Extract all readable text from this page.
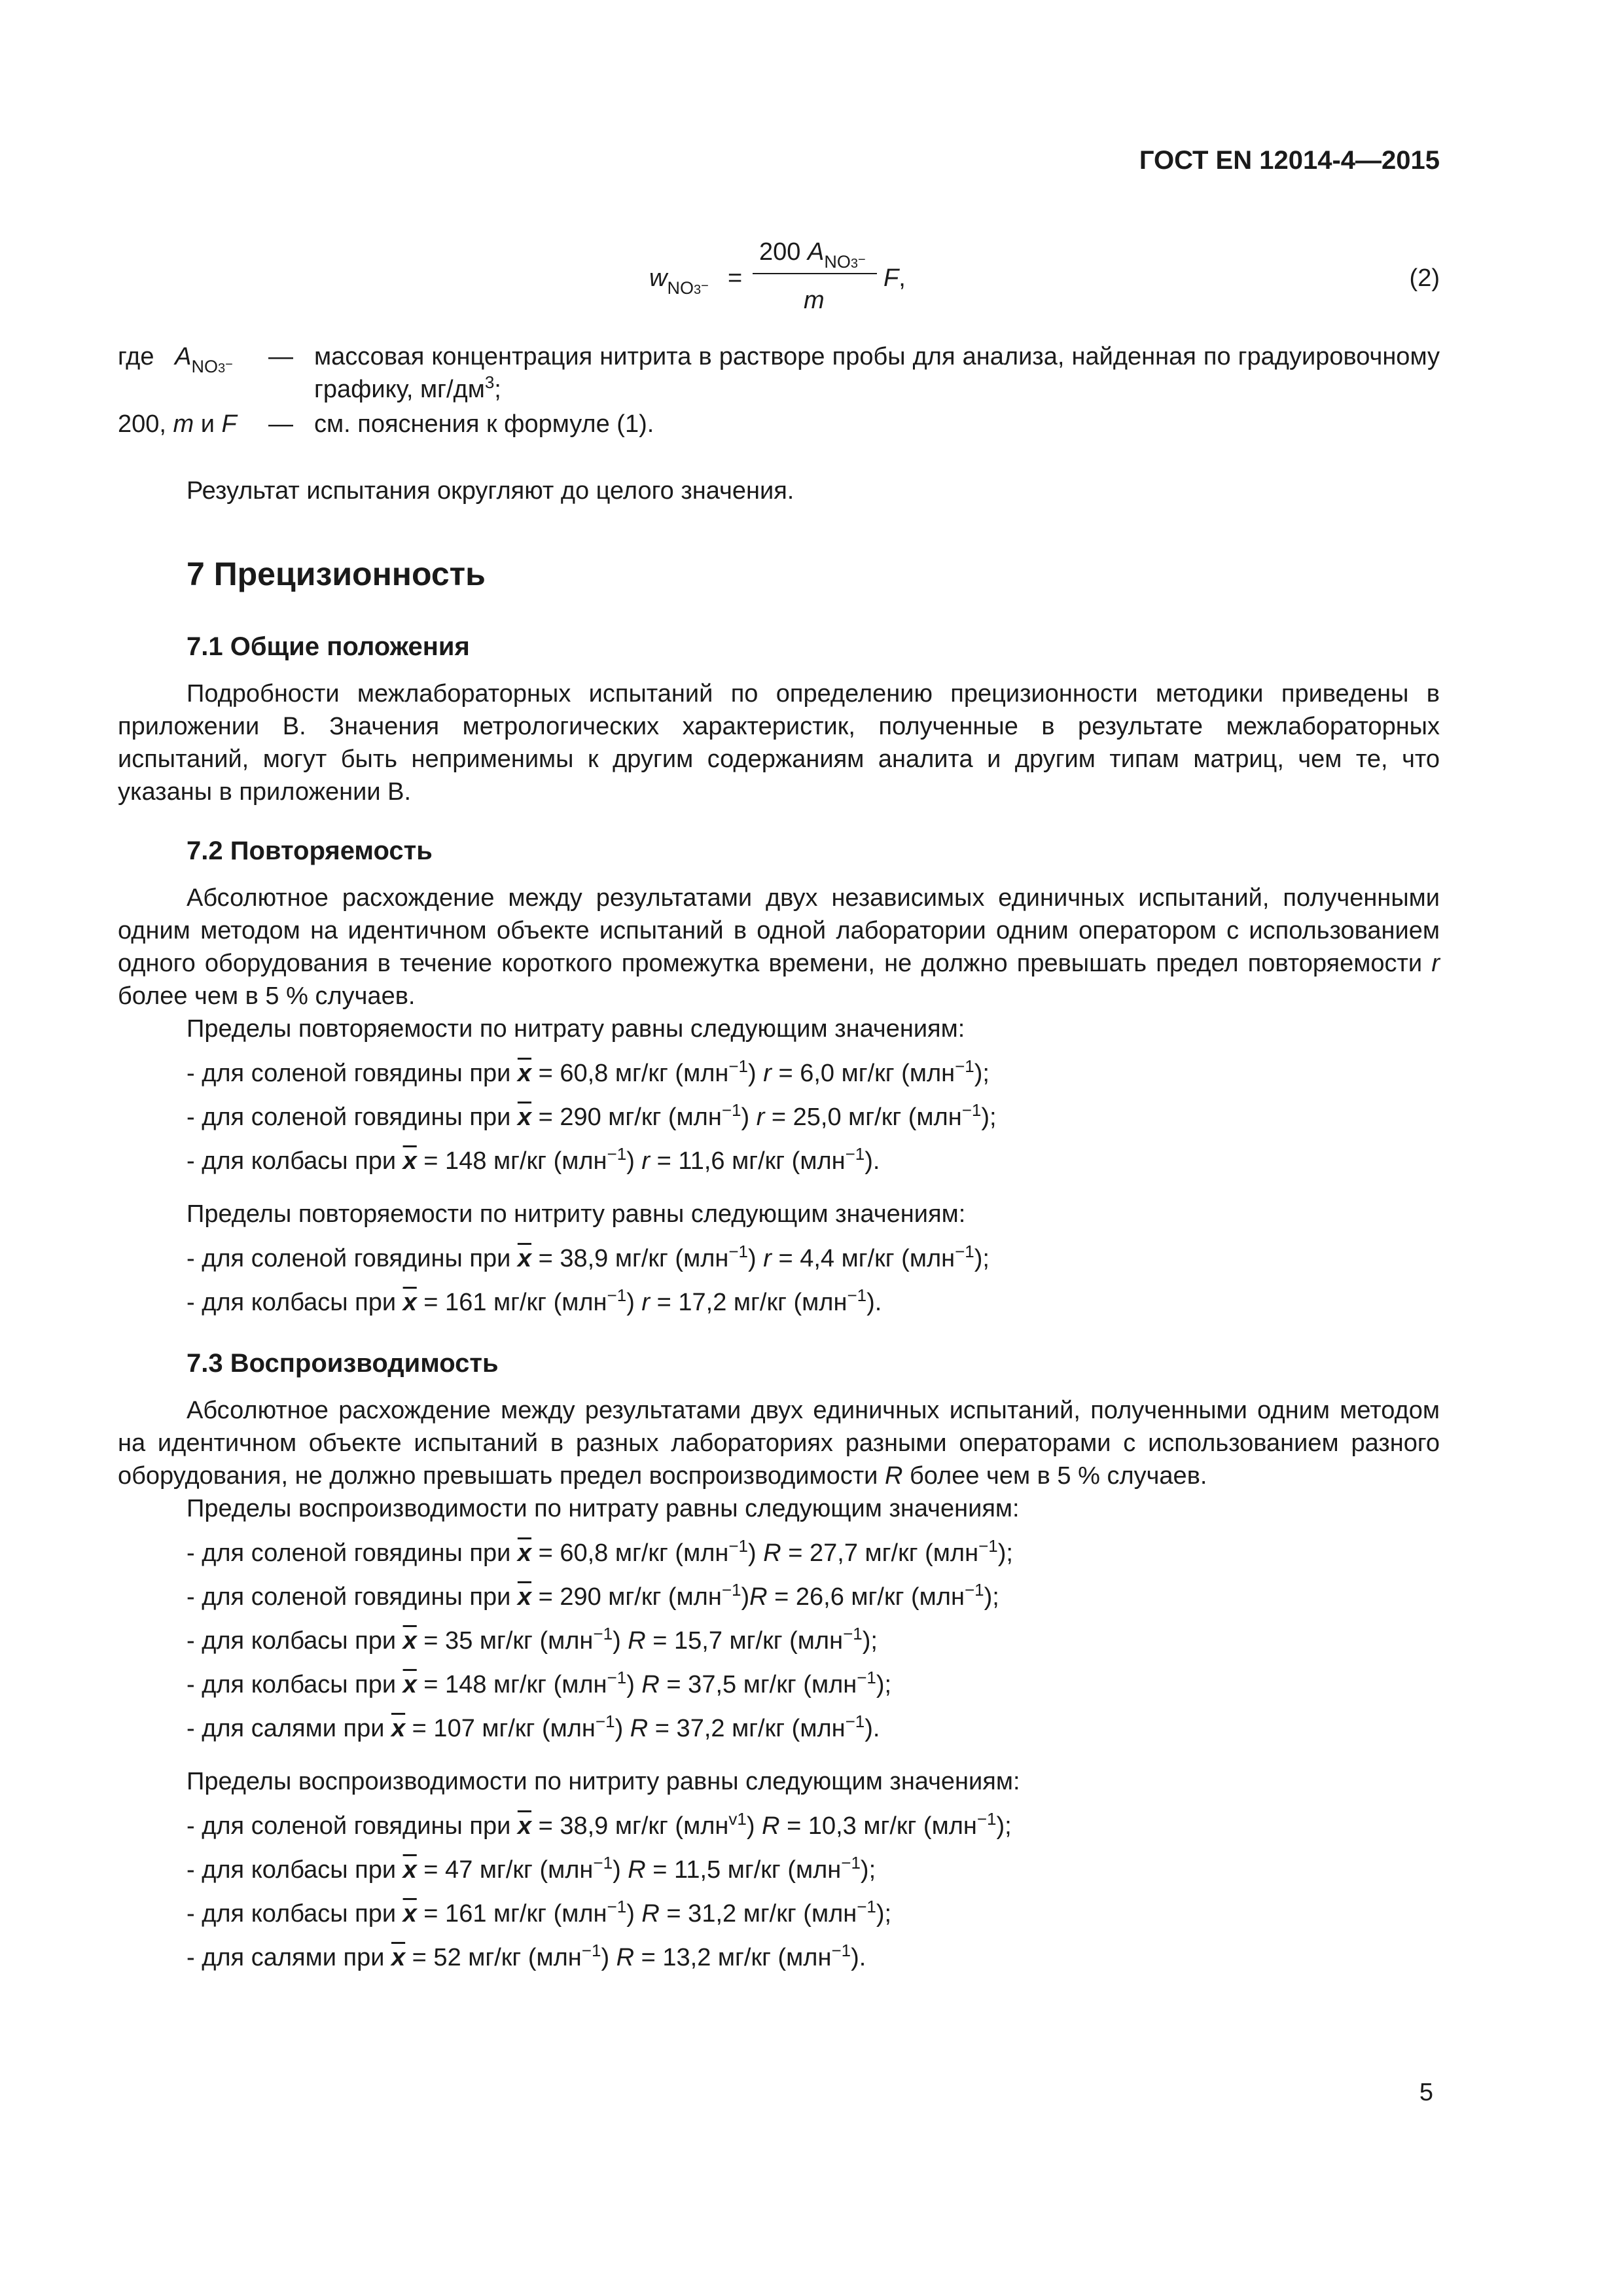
ГОСТ EN 12014-4—2015
$w_{NO3^-}$ =
200 $A_{NO3^-}$
m
F,	(2)
где $A_{NO3^-}$ — массовая концентрация нитрита в растворе пробы для анализа, найденная по градуировочному графику, $мг/дм^3$;
200, m и F — см. пояснения к формуле (1).

Результат испытания округляют до целого значения.

7 Прецизионность
7.1 Общие положения

Подробности межлабораторных испытаний по определению прецизионности методики приведены в приложении В. Значения метрологических характеристик, полученные в результате межлабораторных испытаний, могут быть неприменимы к другим содержаниям аналита и другим типам матриц, чем те, что указаны в приложении В.

7.2 Повторяемость

Абсолютное расхождение между результатами двух независимых единичных испытаний, полученными одним методом на идентичном объекте испытаний в одной лаборатории одним оператором с использованием одного оборудования в течение короткого промежутка времени, не должно превышать предел повторяемости r более чем в 5 % случаев.

Пределы повторяемости по нитрату равны следующим значениям:

- для соленой говядины при $\overline{x} = 60,8$ мг/кг (млн$^{-1}$) r = 6,0 мг/кг (млн$^{-1}$);
- для соленой говядины при $\overline{x} = 290$ мг/кг (млн$^{-1}$) r = 25,0 мг/кг (млн$^{-1}$);
- для колбасы при $\overline{x} = 148$ мг/кг (млн$^{-1}$) r = 11,6 мг/кг (млн$^{-1}$).

Пределы повторяемости по нитриту равны следующим значениям:

- для соленой говядины при $\overline{x} = 38,9$ мг/кг (млн$^{-1}$) r = 4,4 мг/кг (млн$^{-1}$);
- для колбасы при $\overline{x} = 161$ мг/кг (млн$^{-1}$) r = 17,2 мг/кг (млн$^{-1}$).
7.3 Воспроизводимость

Абсолютное расхождение между результатами двух единичных испытаний, полученными одним методом на идентичном объекте испытаний в разных лабораториях разными операторами с использованием разного оборудования, не должно превышать предел воспроизводимости R более чем в 5 % случаев.

Пределы воспроизводимости по нитрату равны следующим значениям:

- для соленой говядины при $\overline{x} = 60,8$ мг/кг (млн$^{-1}$) R = 27,7 мг/кг (млн$^{-1}$);
- для соленой говядины при $\overline{x} = 290$ мг/кг (млн$^{-1}$)R = 26,6 мг/кг (млн$^{-1}$);
- для колбасы при $\overline{x} = 35$ мг/кг (млн$^{-1}$) R = 15,7 мг/кг (млн$^{-1}$);
- для колбасы при $\overline{x} = 148$ мг/кг (млн$^{-1}$) R = 37,5 мг/кг (млн$^{-1}$);
- для салями при $\overline{x} = 107$ мг/кг (млн$^{-1}$) R = 37,2 мг/кг (млн$^{-1}$).

Пределы воспроизводимости по нитриту равны следующим значениям:

- для соленой говядины при $\overline{x} = 38,9$ мг/кг (млн$^{v1}$) R = 10,3 мг/кг (млн$^{-1}$);
- для колбасы при $\overline{x} = 47$ мг/кг (млн$^{-1}$) R = 11,5 мг/кг (млн$^{-1}$);
- для колбасы при $\overline{x} = 161$ мг/кг (млн$^{-1}$) R = 31,2 мг/кг (млн$^{-1}$);
- для салями при $\overline{x} = 52$ мг/кг (млн$^{-1}$) R = 13,2 мг/кг (млн$^{-1}$).
5
